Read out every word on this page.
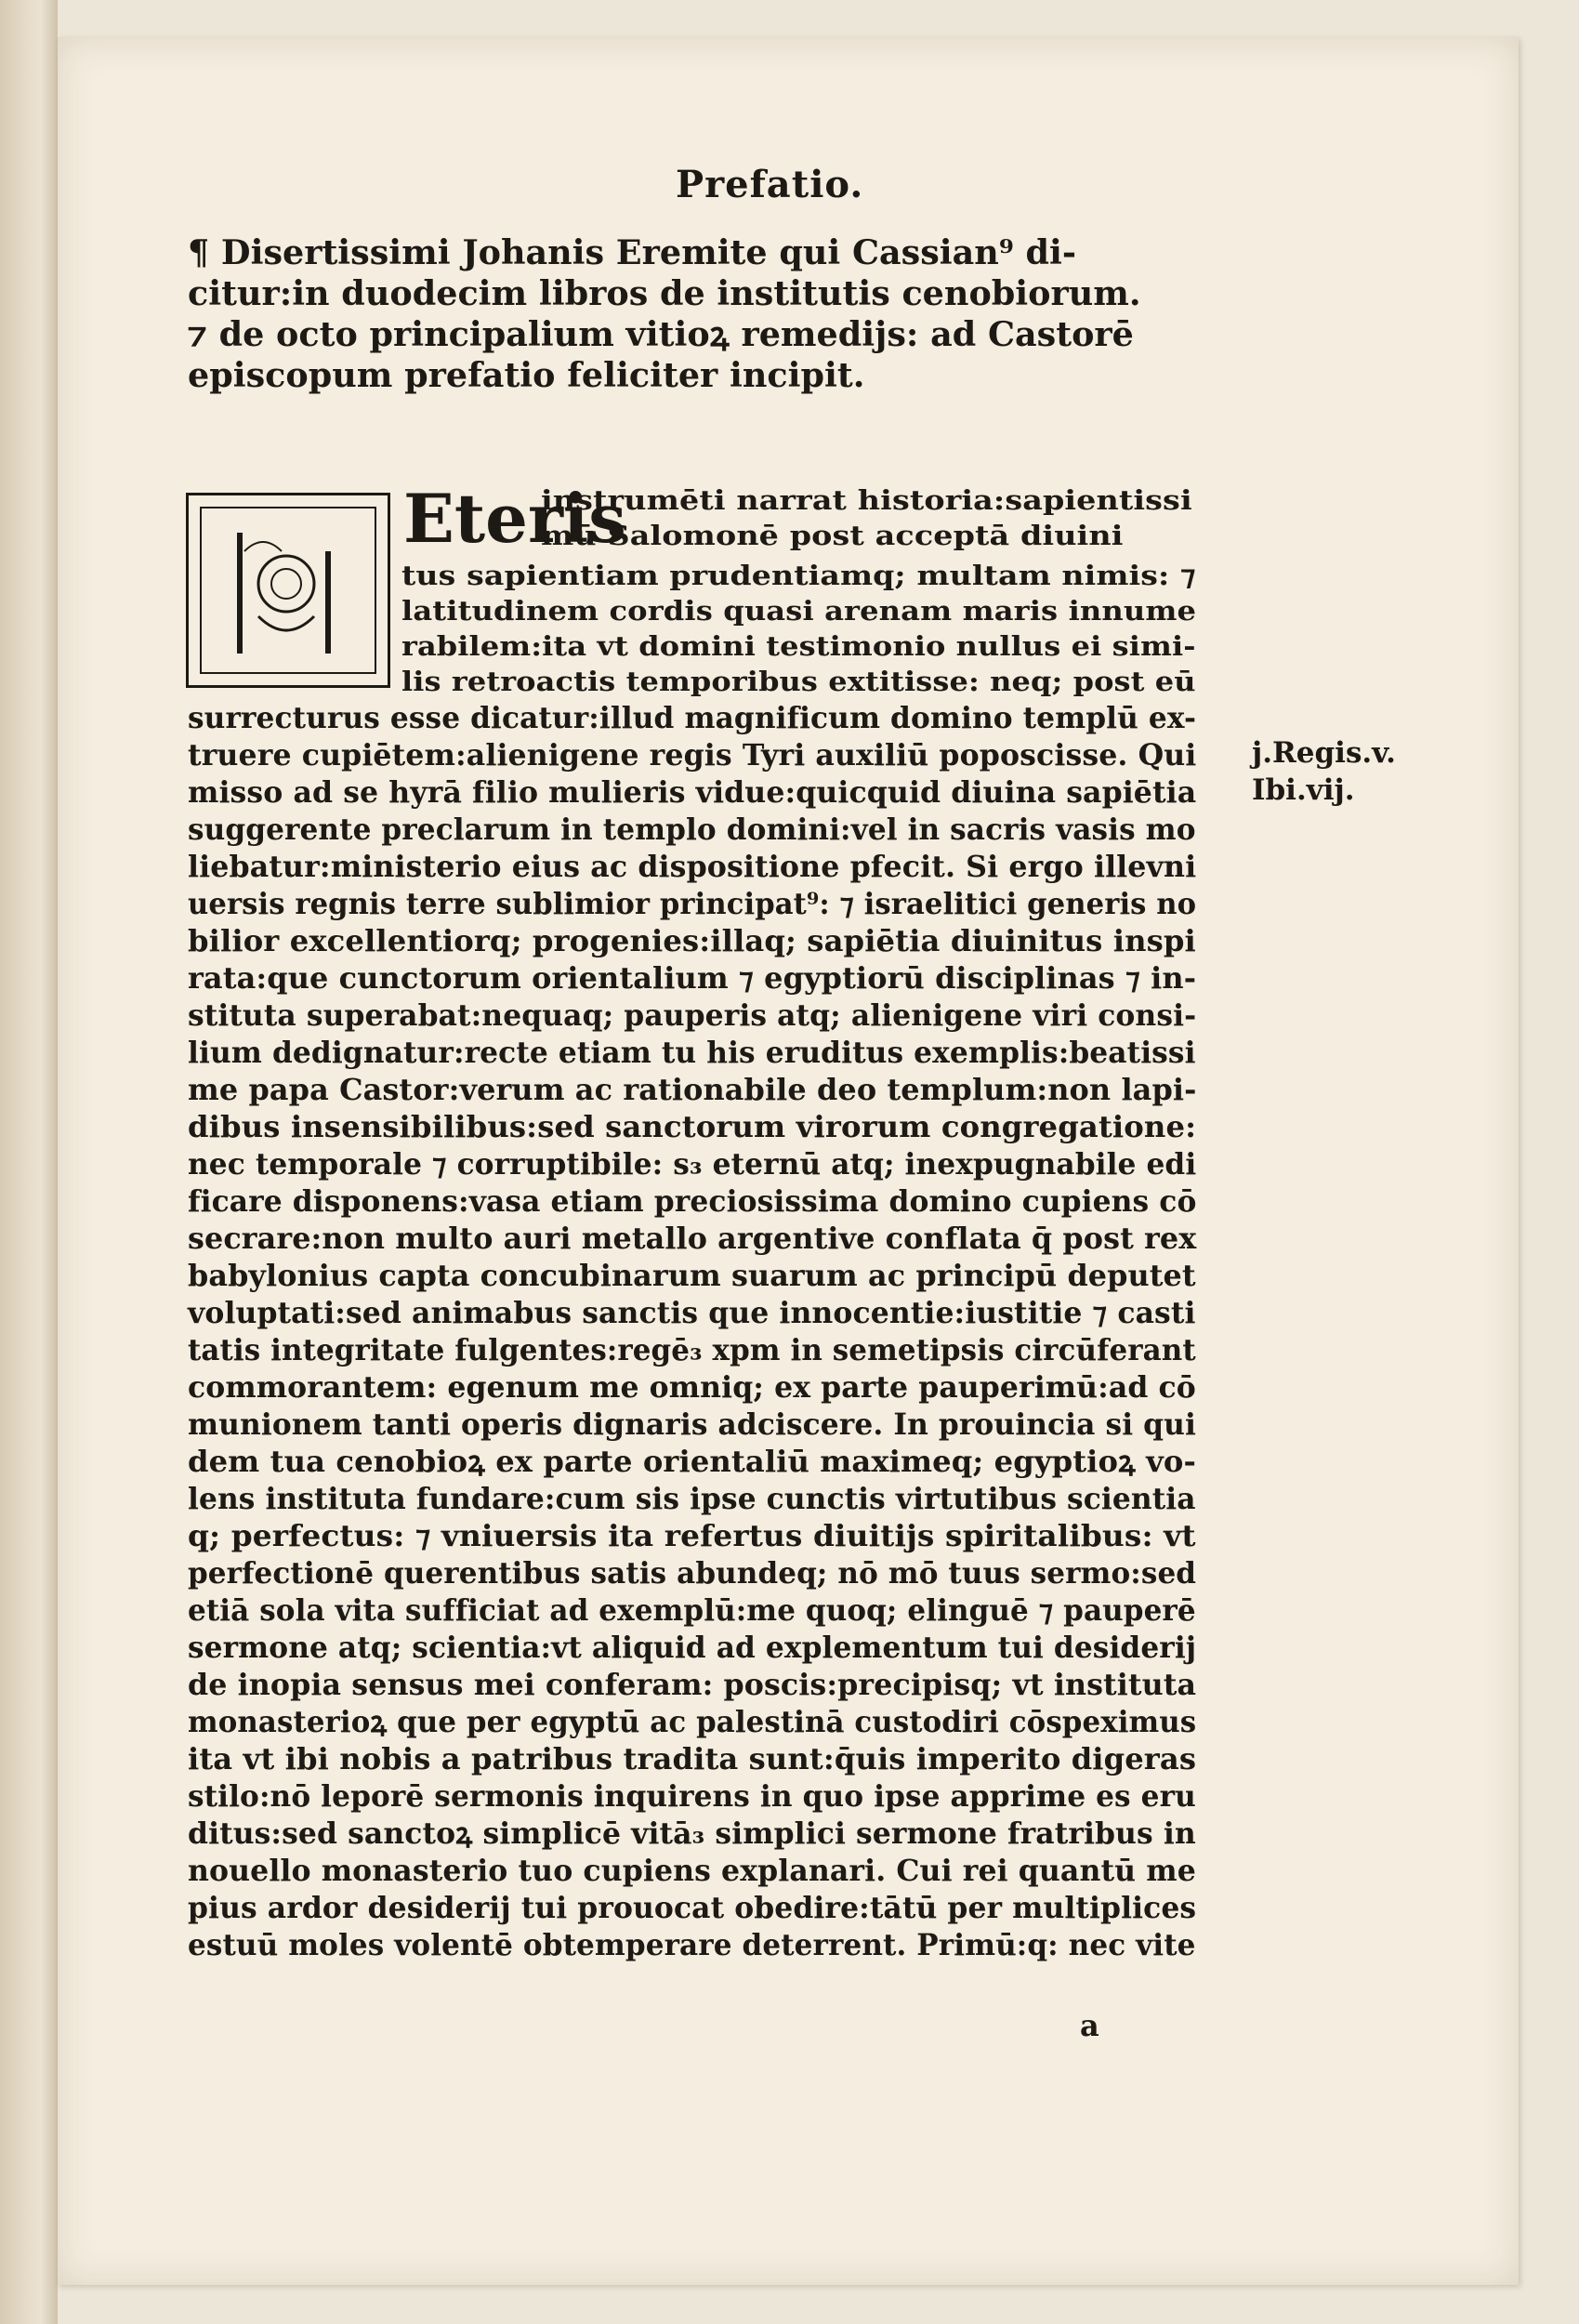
Prefatio.
¶ Disertissimi Johanis Eremite qui Cassian⁹ di-
citur:in duodecim libros de institutis cenobiorum.
⁊ de octo principalium vitioꝝ remedijs: ad Castorē
episcopum prefatio feliciter incipit.
Eteris
instrumēti narrat historia:sapientissi
mū Salomonē post acceptā diuini
tus sapientiam prudentiamq; multam nimis: ⁊
latitudinem cordis quasi arenam maris innume
rabilem:ita vt domini testimonio nullus ei simi-
lis retroactis temporibus extitisse: neq; post eū
surrecturus esse dicatur:illud magnificum domino templū ex-
truere cupiētem:alienigene regis Tyri auxiliū poposcisse. Qui
misso ad se hyrā filio mulieris vidue:quicquid diuina sapiētia
suggerente preclarum in templo domini:vel in sacris vasis mo
liebatur:ministerio eius ac dispositione pfecit. Si ergo illevni
uersis regnis terre sublimior principat⁹: ⁊ israelitici generis no
bilior excellentiorq; progenies:illaq; sapiētia diuinitus inspi
rata:que cunctorum orientalium ⁊ egyptiorū disciplinas ⁊ in-
stituta superabat:nequaq; pauperis atq; alienigene viri consi-
lium dedignatur:recte etiam tu his eruditus exemplis:beatissi
me papa Castor:verum ac rationabile deo templum:non lapi-
dibus insensibilibus:sed sanctorum virorum congregatione:
nec temporale ⁊ corruptibile: s₃ eternū atq; inexpugnabile edi
ficare disponens:vasa etiam preciosissima domino cupiens cō
secrare:non multo auri metallo argentive conflata q̄ post rex
babylonius capta concubinarum suarum ac principū deputet
voluptati:sed animabus sanctis que innocentie:iustitie ⁊ casti
tatis integritate fulgentes:regē₃ xpm in semetipsis circūferant
commorantem: egenum me omniq; ex parte pauperimū:ad cō
munionem tanti operis dignaris adciscere. In prouincia si qui
dem tua cenobioꝝ ex parte orientaliū maximeq; egyptioꝝ vo-
lens instituta fundare:cum sis ipse cunctis virtutibus scientia
q; perfectus: ⁊ vniuersis ita refertus diuitijs spiritalibus: vt
perfectionē querentibus satis abundeq; nō mō tuus sermo:sed
etiā sola vita sufficiat ad exemplū:me quoq; elinguē ⁊ pauperē
sermone atq; scientia:vt aliquid ad explementum tui desiderij
de inopia sensus mei conferam: poscis:precipisq; vt instituta
monasterioꝝ que per egyptū ac palestinā custodiri cōspeximus
ita vt ibi nobis a patribus tradita sunt:q̄uis imperito digeras
stilo:nō leporē sermonis inquirens in quo ipse apprime es eru
ditus:sed sanctoꝝ simplicē vitā₃ simplici sermone fratribus in
nouello monasterio tuo cupiens explanari. Cui rei quantū me
pius ardor desiderij tui prouocat obedire:tātū per multiplices
estuū moles volentē obtemperare deterrent. Primū:q: nec vite
j.Regis.v.
Ibi.vij.
a
